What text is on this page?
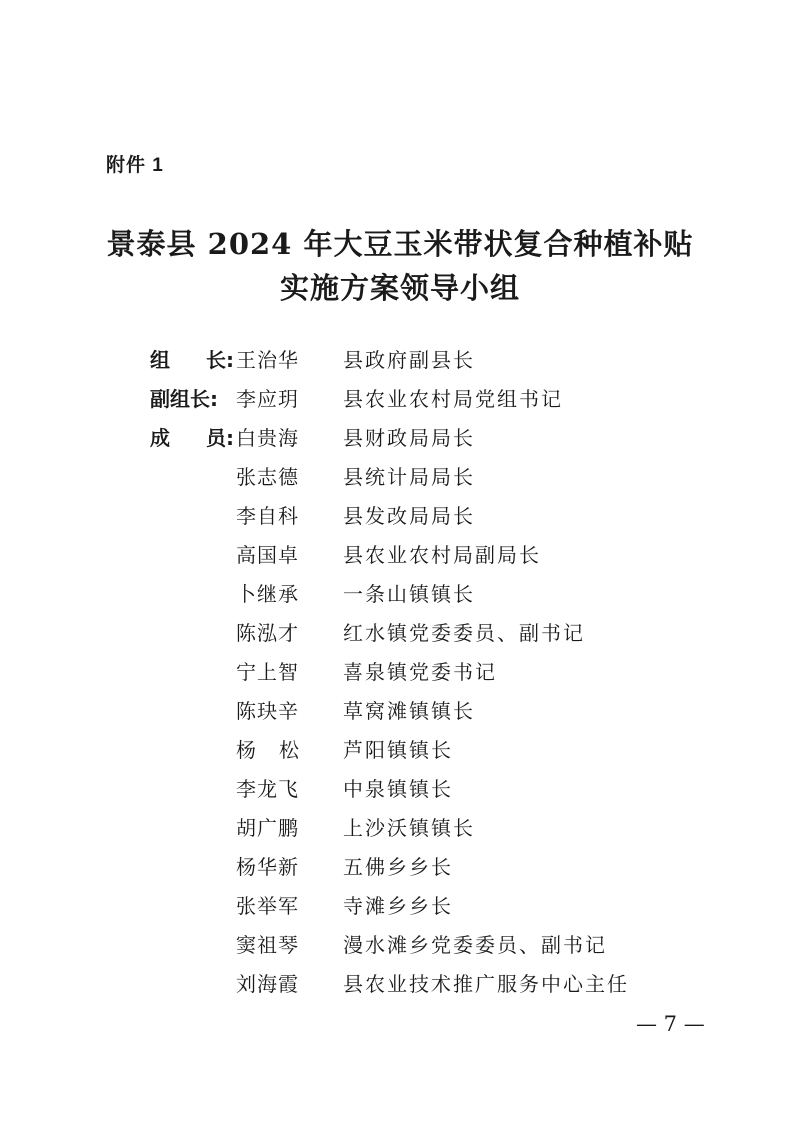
附件 1
景泰县 2024 年大豆玉米带状复合种植补贴
实施方案领导小组
组 长: 王治华 县政府副县长
副组长: 李应玥 县农业农村局党组书记
成 员: 白贵海 县财政局局长
张志德 县统计局局长
李自科 县发改局局长
高国卓 县农业农村局副局长
卜继承 一条山镇镇长
陈泓才 红水镇党委委员、副书记
宁上智 喜泉镇党委书记
陈玦辛 草窝滩镇镇长
杨 松 芦阳镇镇长
李龙飞 中泉镇镇长
胡广鹏 上沙沃镇镇长
杨华新 五佛乡乡长
张举军 寺滩乡乡长
窦祖琴 漫水滩乡党委委员、副书记
刘海霞 县农业技术推广服务中心主任
— 7 —
